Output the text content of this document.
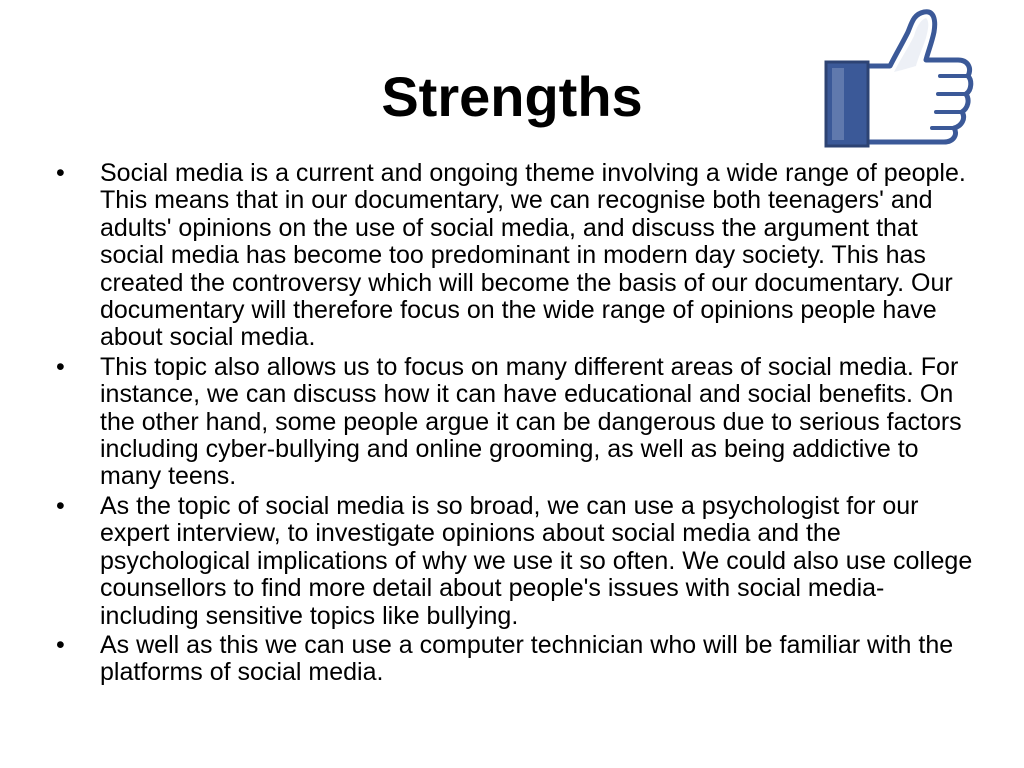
Strengths
•	Social media is a current and ongoing theme involving a wide range of people. This means that in our documentary, we can recognise both teenagers' and adults' opinions on the use of social media, and discuss the argument that social media has become too predominant in modern day society. This has created the controversy which will become the basis of our documentary. Our documentary will therefore focus on the wide range of opinions people have about social media.
•	This topic also allows us to focus on many different areas of social media. For instance, we can discuss how it can have educational and social benefits. On the other hand, some people argue it can be dangerous due to serious factors including cyber-bullying and online grooming, as well as being addictive to many teens.
•	As the topic of social media is so broad, we can use a psychologist for our expert interview, to investigate opinions about social media and the psychological implications of why we use it so often. We could also use college counsellors to find more detail about people's issues with social media- including sensitive topics like bullying.
•	As well as this we can use a computer technician who will be familiar with the platforms of social media.
